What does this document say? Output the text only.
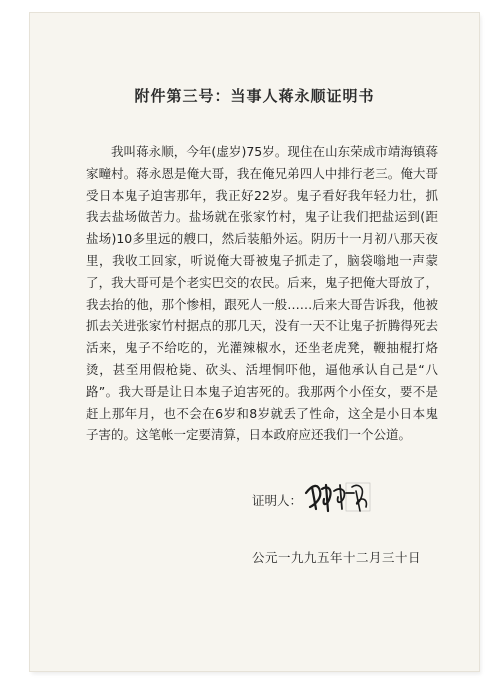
附件第三号：当事人蒋永顺证明书

我叫蒋永顺，今年(虚岁)75岁。现住在山东荣成市靖海镇蒋家疃村。蒋永恩是俺大哥，我在俺兄弟四人中排行老三。俺大哥受日本鬼子迫害那年，我正好22岁。鬼子看好我年轻力壮，抓我去盐场做苦力。盐场就在张家竹村，鬼子让我们把盐运到(距盐场)10多里远的艘口，然后装船外运。阴历十一月初八那天夜里，我收工回家，听说俺大哥被鬼子抓走了，脑袋嗡地一声蒙了，我大哥可是个老实巴交的农民。后来，鬼子把俺大哥放了，我去抬的他，那个惨相，跟死人一般……后来大哥告诉我，他被抓去关进张家竹村据点的那几天，没有一天不让鬼子折腾得死去活来，鬼子不给吃的，光灌辣椒水，还坐老虎凳，鞭抽棍打烙烫，甚至用假枪毙、砍头、活埋恫吓他，逼他承认自己是“八路”。我大哥是让日本鬼子迫害死的。我那两个小侄女，要不是赶上那年月，也不会在6岁和8岁就丢了性命，这全是小日本鬼子害的。这笔帐一定要清算，日本政府应还我们一个公道。

证明人：
公元一九九五年十二月三十日
